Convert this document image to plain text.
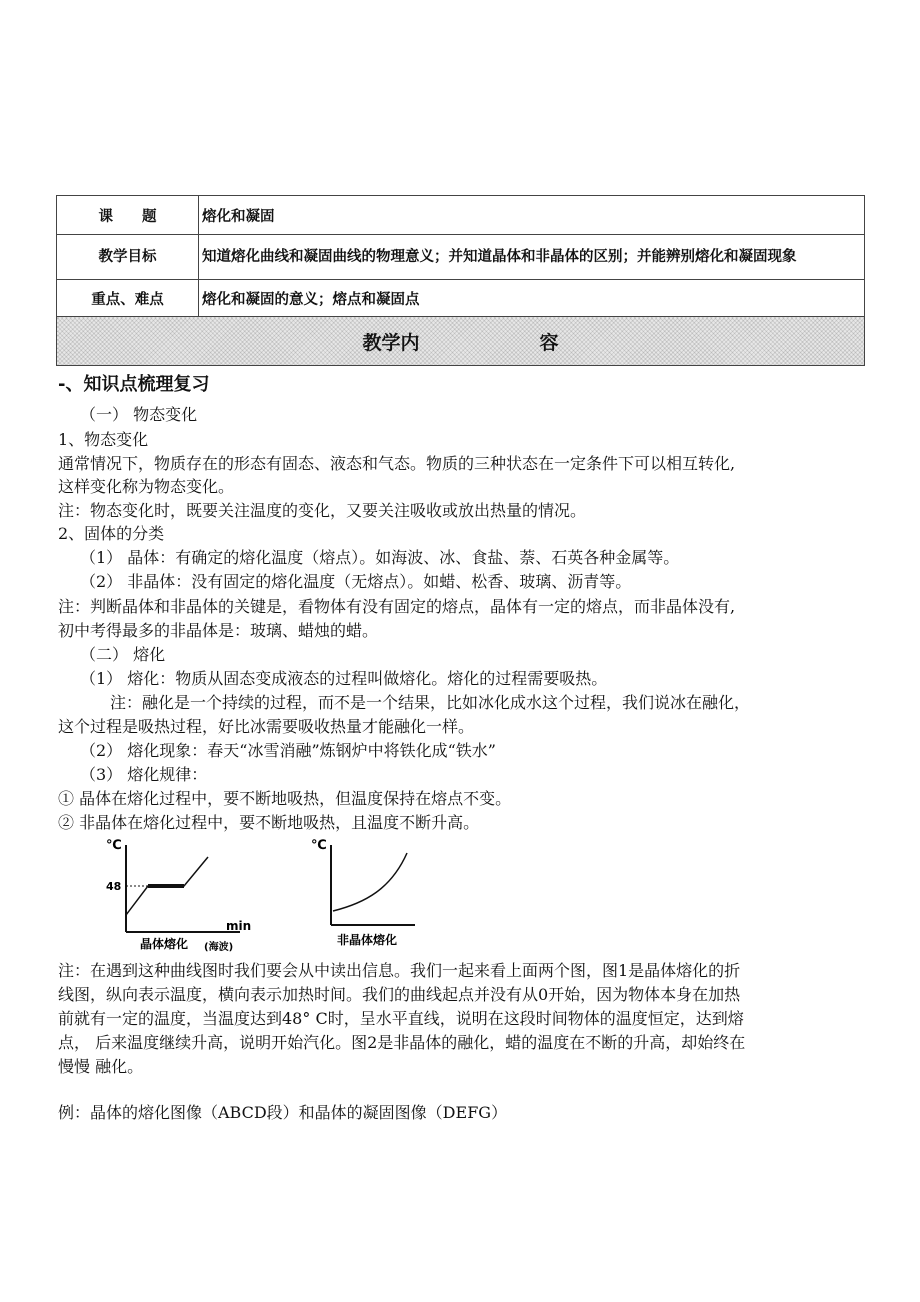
课　　题	熔化和凝固
教学目标	知道熔化曲线和凝固曲线的物理意义；并知道晶体和非晶体的区别；并能辨别熔化和凝固现象
重点、难点	熔化和凝固的意义；熔点和凝固点
教学内 容	
-、知识点梳理复习
（一） 物态变化
1、物态变化
通常情况下，物质存在的形态有固态、液态和气态。物质的三种状态在一定条件下可以相互转化,
这样变化称为物态变化。
注：物态变化时，既要关注温度的变化，又要关注吸收或放出热量的情况。
2、固体的分类
（1） 晶体：有确定的熔化温度（熔点）。如海波、冰、食盐、萘、石英各种金属等。
（2） 非晶体：没有固定的熔化温度（无熔点）。如蜡、松香、玻璃、沥青等。
注：判断晶体和非晶体的关键是，看物体有没有固定的熔点，晶体有一定的熔点，而非晶体没有,
初中考得最多的非晶体是：玻璃、蜡烛的蜡。
（二） 熔化
（1） 熔化：物质从固态变成液态的过程叫做熔化。熔化的过程需要吸热。
注：融化是一个持续的过程，而不是一个结果，比如冰化成水这个过程，我们说冰在融化，
这个过程是吸热过程，好比冰需要吸收热量才能融化一样。
（2） 熔化现象：春天“冰雪消融”炼钢炉中将铁化成“铁水”
（3） 熔化规律：
① 晶体在熔化过程中，要不断地吸热，但温度保持在熔点不变。
② 非晶体在熔化过程中，要不断地吸热，且温度不断升高。
℃
48
min
晶体熔化 (海波)
℃
非晶体熔化
注：在遇到这种曲线图时我们要会从中读出信息。我们一起来看上面两个图，图1是晶体熔化的折
线图，纵向表示温度，横向表示加热时间。我们的曲线起点并没有从0开始，因为物体本身在加热
前就有一定的温度，当温度达到48° C时，呈水平直线，说明在这段时间物体的温度恒定，达到熔
点， 后来温度继续升高，说明开始汽化。图2是非晶体的融化，蜡的温度在不断的升高，却始终在
慢慢 融化。
例：晶体的熔化图像（ABCD段）和晶体的凝固图像（DEFG）
